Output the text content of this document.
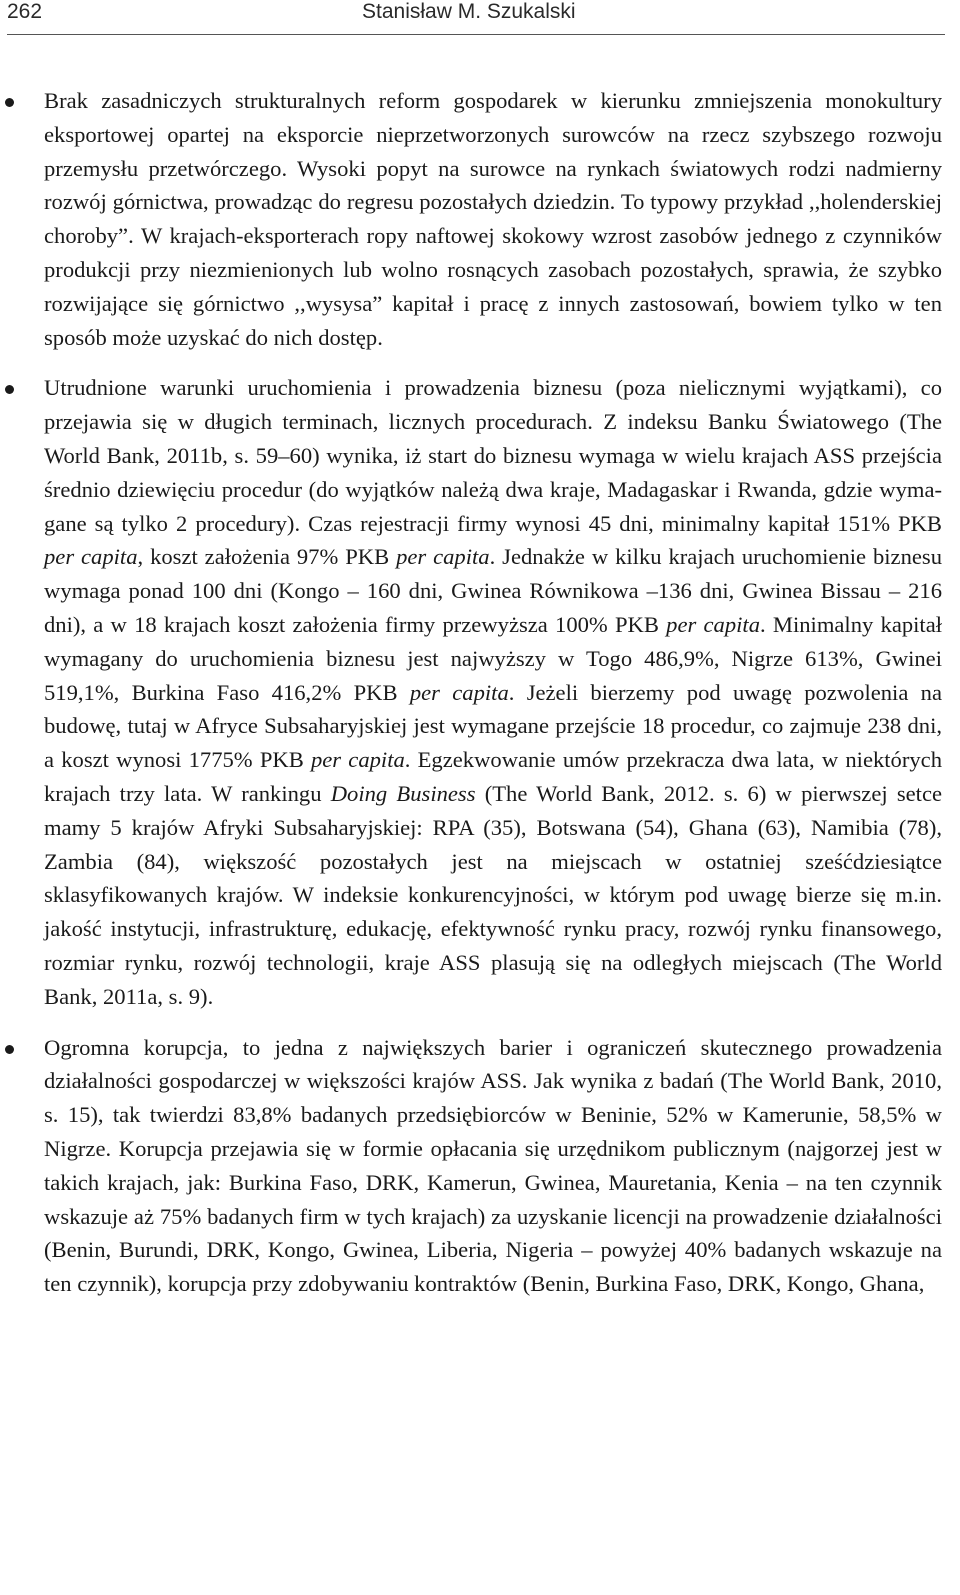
262	Stanisław M. Szukalski
Brak zasadniczych strukturalnych reform gospodarek w kierunku zmniejszenia monokultury eksportowej opartej na eksporcie nieprzetworzonych surowców na rzecz szybszego rozwoju przemysłu przetwórczego. Wysoki popyt na surowce na rynkach światowych rodzi nadmierny rozwój górnictwa, prowadząc do regresu pozostałych dziedzin. To typowy przykład ,,holenderskiej choroby”. W krajach-eksporterach ropy naftowej skokowy wzrost zasobów jednego z czynników produkcji przy niezmienionych lub wolno rosnących zasobach pozostałych, sprawia, że szybko rozwijające się górnictwo ,,wysysa” kapitał i pracę z innych zastosowań, bowiem tylko w ten sposób może uzyskać do nich dostęp.
Utrudnione warunki uruchomienia i prowadzenia biznesu (poza nielicznymi wyjątkami), co przejawia się w długich terminach, licznych procedurach. Z indeksu Banku Światowego (The World Bank, 2011b, s. 59–60) wynika, iż start do biznesu wymaga w wielu krajach ASS przejścia średnio dziewięciu procedur (do wyjątków należą dwa kraje, Madagaskar i Rwanda, gdzie wymagane są tylko 2 procedury). Czas rejestracji firmy wynosi 45 dni, minimalny kapitał 151% PKB per capita, koszt założenia 97% PKB per capita. Jednakże w kilku krajach uruchomienie biznesu wymaga ponad 100 dni (Kongo – 160 dni, Gwinea Równikowa –136 dni, Gwinea Bissau – 216 dni), a w 18 krajach koszt założenia firmy przewyższa 100% PKB per capita. Minimalny kapitał wymagany do uruchomienia biznesu jest najwyższy w Togo 486,9%, Nigrze 613%, Gwinei 519,1%, Burkina Faso 416,2% PKB per capita. Jeżeli bierzemy pod uwagę pozwolenia na budowę, tutaj w Afryce Subsaharyjskiej jest wymagane przejście 18 procedur, co zajmuje 238 dni, a koszt wynosi 1775% PKB per capita. Egzekwowanie umów przekracza dwa lata, w niektórych krajach trzy lata. W rankingu Doing Business (The World Bank, 2012. s. 6) w pierwszej setce mamy 5 krajów Afryki Subsaharyjskiej: RPA (35), Botswana (54), Ghana (63), Namibia (78), Zambia (84), większość pozostałych jest na miejscach w ostatniej sześćdziesiątce sklasyfikowanych krajów. W indeksie konkurencyjności, w którym pod uwagę bierze się m.in. jakość instytucji, infrastrukturę, edukację, efektywność rynku pracy, rozwój rynku finansowego, rozmiar rynku, rozwój technologii, kraje ASS plasują się na odległych miejscach (The World Bank, 2011a, s. 9).
Ogromna korupcja, to jedna z największych barier i ograniczeń skutecznego prowadzenia działalności gospodarczej w większości krajów ASS. Jak wynika z badań (The World Bank, 2010, s. 15), tak twierdzi 83,8% badanych przedsiębiorców w Beninie, 52% w Kamerunie, 58,5% w Nigrze. Korupcja przejawia się w formie opłacania się urzędnikom publicznym (najgorzej jest w takich krajach, jak: Burkina Faso, DRK, Kamerun, Gwinea, Mauretania, Kenia – na ten czynnik wskazuje aż 75% badanych firm w tych krajach) za uzyskanie licencji na prowadzenie działalności (Benin, Burundi, DRK, Kongo, Gwinea, Liberia, Nigeria – powyżej 40% badanych wskazuje na ten czynnik), korupcja przy zdobywaniu kontraktów (Benin, Burkina Faso, DRK, Kongo, Ghana,
